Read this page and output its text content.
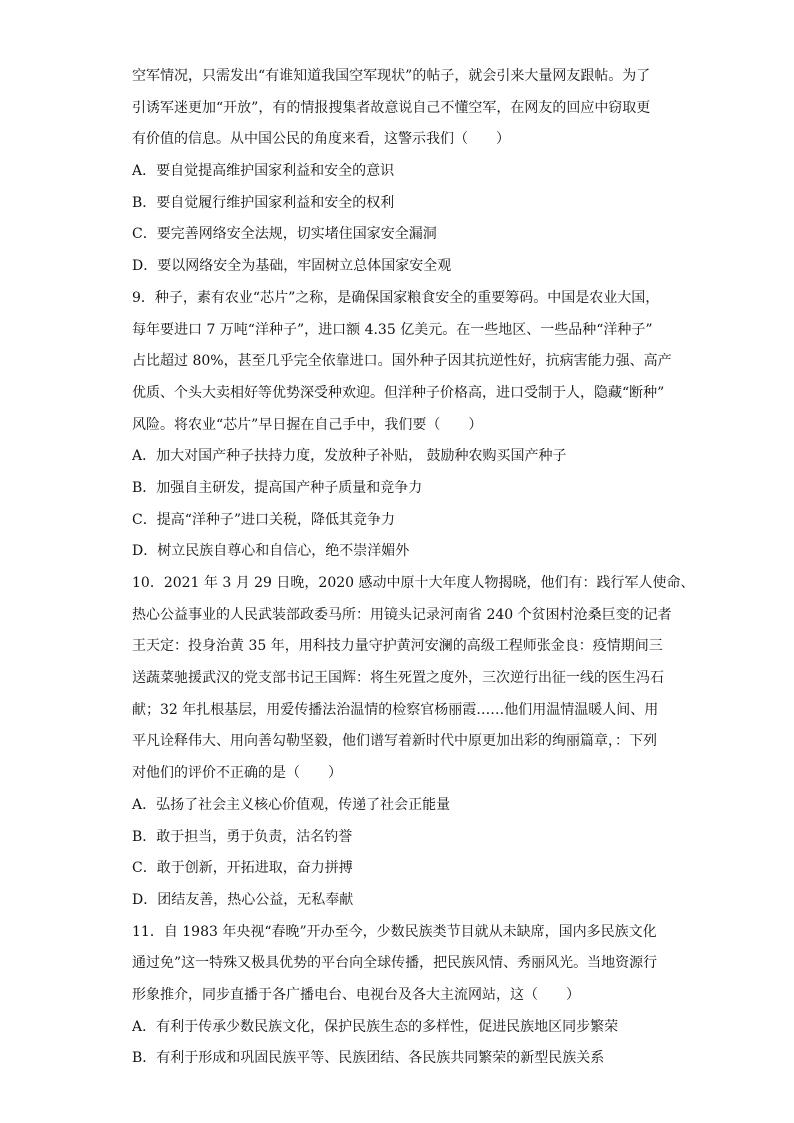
空军情况，只需发出“有谁知道我国空军现状”的帖子，就会引来大量网友跟帖。为了
引诱军迷更加“开放”，有的情报搜集者故意说自己不懂空军，在网友的回应中窃取更
有价值的信息。从中国公民的角度来看，这警示我们（　　）
A．要自觉提高维护国家利益和安全的意识
B．要自觉履行维护国家利益和安全的权利
C．要完善网络安全法规，切实堵住国家安全漏洞
D．要以网络安全为基础，牢固树立总体国家安全观
9．种子，素有农业“芯片”之称，是确保国家粮食安全的重要筹码。中国是农业大国，
每年要进口 7 万吨“洋种子”，进口额 4.35 亿美元。在一些地区、一些品种“洋种子”
占比超过 80%，甚至几乎完全依靠进口。国外种子因其抗逆性好，抗病害能力强、高产
优质、个头大卖相好等优势深受种欢迎。但洋种子价格高，进口受制于人，隐藏“断种”
风险。将农业“芯片”早日握在自己手中，我们要（　　）
A．加大对国产种子扶持力度，发放种子补贴， 鼓励种农购买国产种子
B．加强自主研发，提高国产种子质量和竞争力
C．提高“洋种子”进口关税，降低其竞争力
D．树立民族自尊心和自信心，绝不崇洋媚外
10．2021 年 3 月 29 日晚，2020 感动中原十大年度人物揭晓，他们有：践行军人使命、
热心公益事业的人民武装部政委马所：用镜头记录河南省 240 个贫困村沧桑巨变的记者
王天定：投身治黄 35 年，用科技力量守护黄河安澜的高级工程师张金良：疫情期间三
送蔬菜驰援武汉的党支部书记王国辉：将生死置之度外，三次逆行出征一线的医生冯石
献；32 年扎根基层，用爱传播法治温情的检察官杨丽霞……他们用温情温暖人间、用
平凡诠释伟大、用向善勾勒坚毅，他们谱写着新时代中原更加出彩的绚丽篇章，：下列
对他们的评价不正确的是（　　）
A．弘扬了社会主义核心价值观，传递了社会正能量
B．敢于担当，勇于负责，沽名钓誉
C．敢于创新，开拓进取，奋力拼搏
D．团结友善，热心公益，无私奉献
11．自 1983 年央视“春晚”开办至今，少数民族类节目就从未缺席，国内多民族文化
通过免”这一特殊又极具优势的平台向全球传播，把民族风情、秀丽风光。当地资源行
形象推介，同步直播于各广播电台、电视台及各大主流网站，这（　　）
A．有利于传承少数民族文化，保护民族生态的多样性，促进民族地区同步繁荣
B．有利于形成和巩固民族平等、民族团结、各民族共同繁荣的新型民族关系
